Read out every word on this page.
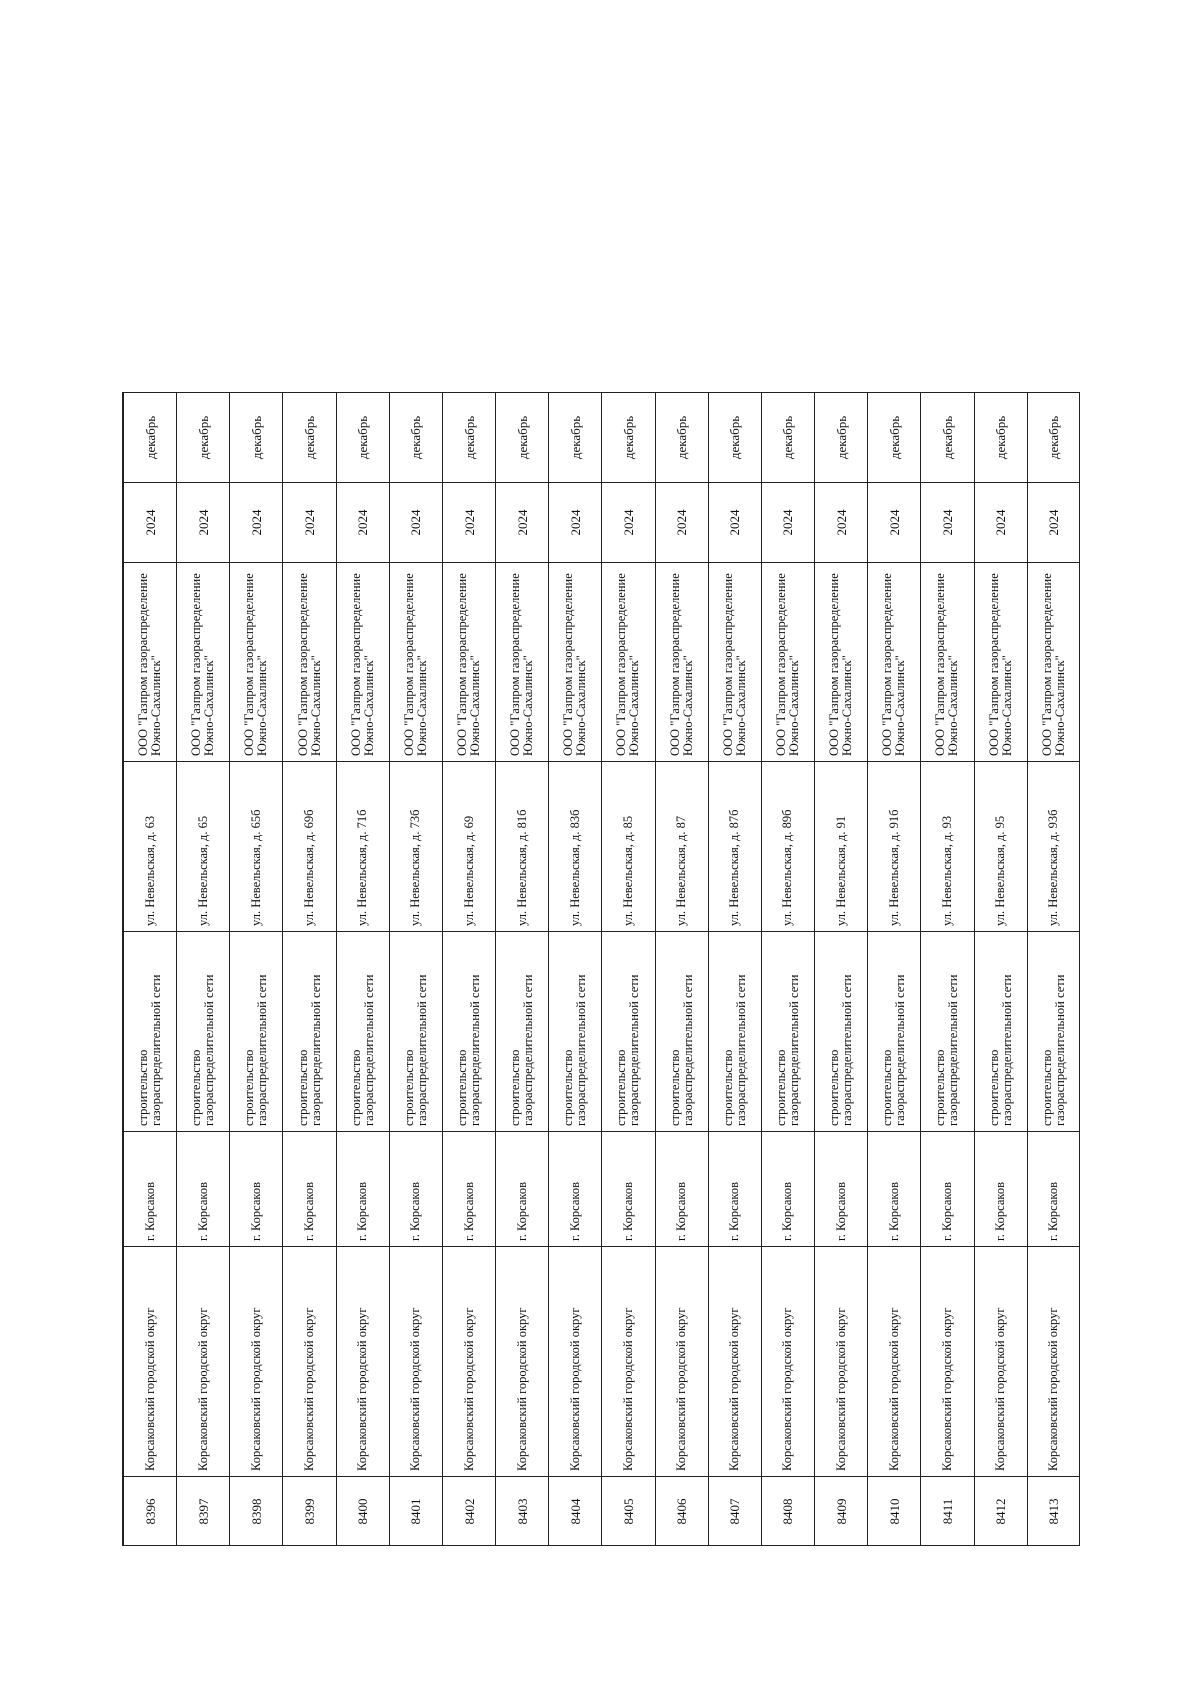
8396	Корсаковский городской округ	г. Корсаков	строительство газораспределительной сети	ул. Невельская, д. 63	ООО "Газпром газораспределение Южно-Сахалинск"	2024	декабрь
8397	Корсаковский городской округ	г. Корсаков	строительство газораспределительной сети	ул. Невельская, д. 65	ООО "Газпром газораспределение Южно-Сахалинск"	2024	декабрь
8398	Корсаковский городской округ	г. Корсаков	строительство газораспределительной сети	ул. Невельская, д. 65б	ООО "Газпром газораспределение Южно-Сахалинск"	2024	декабрь
8399	Корсаковский городской округ	г. Корсаков	строительство газораспределительной сети	ул. Невельская, д. 69б	ООО "Газпром газораспределение Южно-Сахалинск"	2024	декабрь
8400	Корсаковский городской округ	г. Корсаков	строительство газораспределительной сети	ул. Невельская, д. 71б	ООО "Газпром газораспределение Южно-Сахалинск"	2024	декабрь
8401	Корсаковский городской округ	г. Корсаков	строительство газораспределительной сети	ул. Невельская, д. 73б	ООО "Газпром газораспределение Южно-Сахалинск"	2024	декабрь
8402	Корсаковский городской округ	г. Корсаков	строительство газораспределительной сети	ул. Невельская, д. 69	ООО "Газпром газораспределение Южно-Сахалинск"	2024	декабрь
8403	Корсаковский городской округ	г. Корсаков	строительство газораспределительной сети	ул. Невельская, д. 81б	ООО "Газпром газораспределение Южно-Сахалинск"	2024	декабрь
8404	Корсаковский городской округ	г. Корсаков	строительство газораспределительной сети	ул. Невельская, д. 83б	ООО "Газпром газораспределение Южно-Сахалинск"	2024	декабрь
8405	Корсаковский городской округ	г. Корсаков	строительство газораспределительной сети	ул. Невельская, д. 85	ООО "Газпром газораспределение Южно-Сахалинск"	2024	декабрь
8406	Корсаковский городской округ	г. Корсаков	строительство газораспределительной сети	ул. Невельская, д. 87	ООО "Газпром газораспределение Южно-Сахалинск"	2024	декабрь
8407	Корсаковский городской округ	г. Корсаков	строительство газораспределительной сети	ул. Невельская, д. 87б	ООО "Газпром газораспределение Южно-Сахалинск"	2024	декабрь
8408	Корсаковский городской округ	г. Корсаков	строительство газораспределительной сети	ул. Невельская, д. 89б	ООО "Газпром газораспределение Южно-Сахалинск"	2024	декабрь
8409	Корсаковский городской округ	г. Корсаков	строительство газораспределительной сети	ул. Невельская, д. 91	ООО "Газпром газораспределение Южно-Сахалинск"	2024	декабрь
8410	Корсаковский городской округ	г. Корсаков	строительство газораспределительной сети	ул. Невельская, д. 91б	ООО "Газпром газораспределение Южно-Сахалинск"	2024	декабрь
8411	Корсаковский городской округ	г. Корсаков	строительство газораспределительной сети	ул. Невельская, д. 93	ООО "Газпром газораспределение Южно-Сахалинск"	2024	декабрь
8412	Корсаковский городской округ	г. Корсаков	строительство газораспределительной сети	ул. Невельская, д. 95	ООО "Газпром газораспределение Южно-Сахалинск"	2024	декабрь
8413	Корсаковский городской округ	г. Корсаков	строительство газораспределительной сети	ул. Невельская, д. 93б	ООО "Газпром газораспределение Южно-Сахалинск"	2024	декабрь
